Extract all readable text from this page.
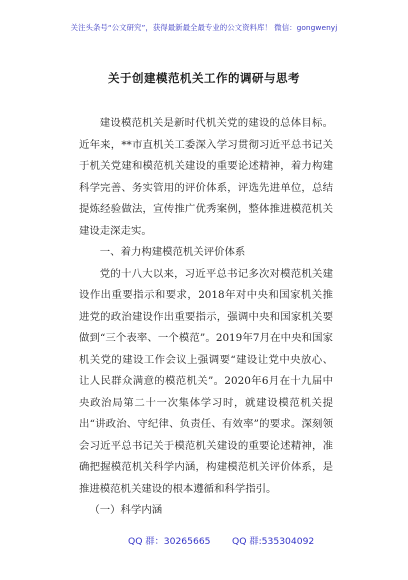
关注头条号“公文研究”，获得最新最全最专业的公文资料库！ 微信：gongwenyj
关于创建模范机关工作的调研与思考

建设模范机关是新时代机关党的建设的总体目标。近年来，**市直机关工委深入学习贯彻习近平总书记关于机关党建和模范机关建设的重要论述精神，着力构建科学完善、务实管用的评价体系，评选先进单位，总结提炼经验做法，宣传推广优秀案例，整体推进模范机关建设走深走实。

一、着力构建模范机关评价体系

党的十八大以来，习近平总书记多次对模范机关建设作出重要指示和要求，2018年对中央和国家机关推进党的政治建设作出重要指示，强调中央和国家机关要做到“三个表率、一个模范”。2019年7月在中央和国家机关党的建设工作会议上强调要“建设让党中央放心、让人民群众满意的模范机关”。2020年6月在十九届中央政治局第二十一次集体学习时，就建设模范机关提出“讲政治、守纪律、负责任、有效率”的要求。深刻领会习近平总书记关于模范机关建设的重要论述精神，准确把握模范机关科学内涵，构建模范机关评价体系，是推进模范机关建设的根本遵循和科学指引。

（一）科学内涵

QQ 群：30265665 QQ 群:535304092
